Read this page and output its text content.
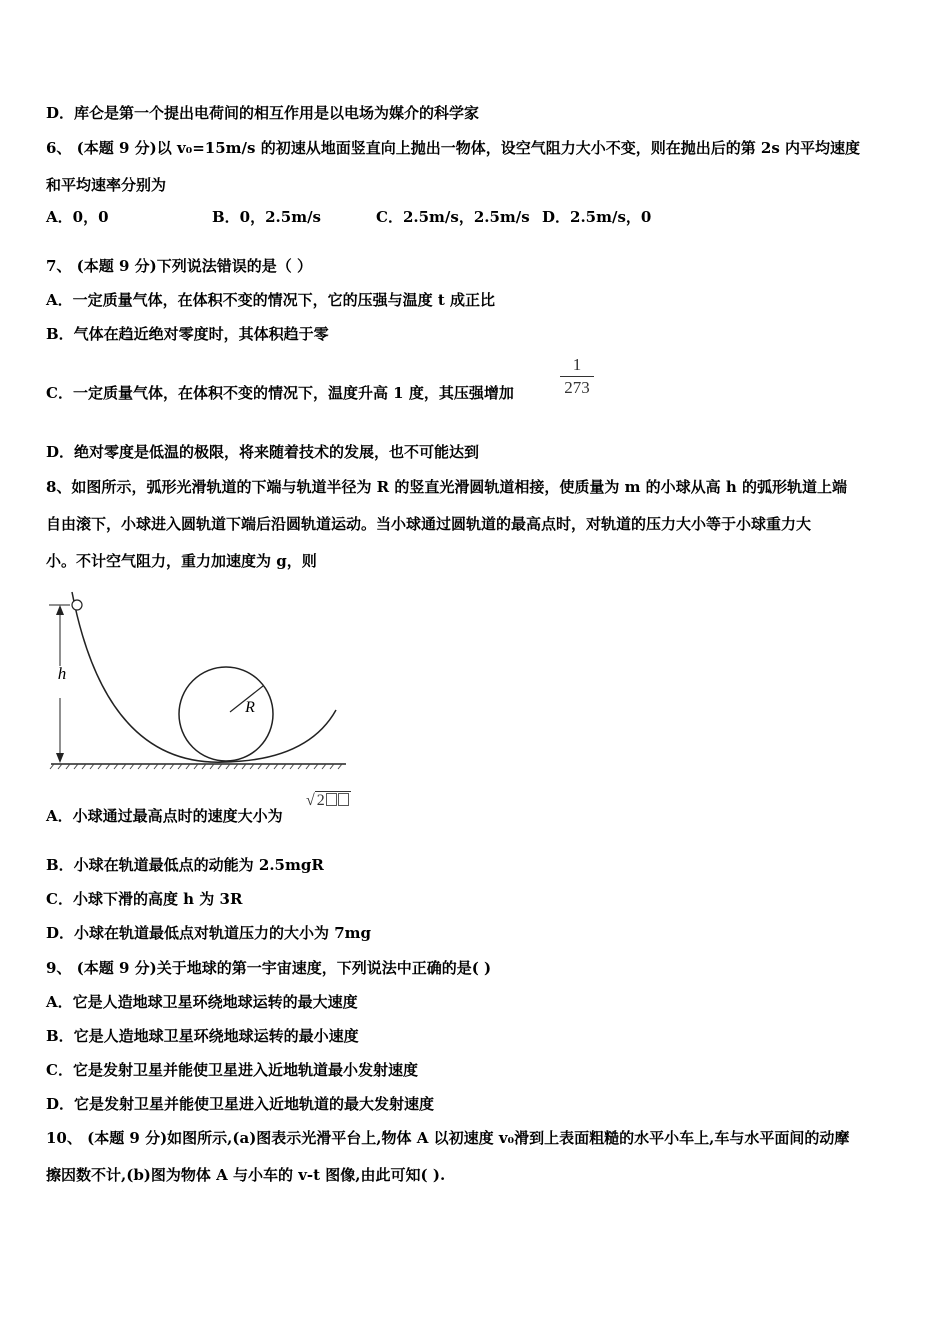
D．库仑是第一个提出电荷间的相互作用是以电场为媒介的科学家
6、 (本题 9 分)以 v₀=15m/s 的初速从地面竖直向上抛出一物体，设空气阻力大小不变，则在抛出后的第 2s 内平均速度
和平均速率分别为
A．0，0	B．0，2.5m/s	C．2.5m/s，2.5m/s D．2.5m/s，0
7、 (本题 9 分)下列说法错误的是（ ）
A．一定质量气体，在体积不变的情况下，它的压强与温度 t 成正比
B．气体在趋近绝对零度时，其体积趋于零
C．一定质量气体，在体积不变的情况下，温度升高 1 度，其压强增加	$\frac{1}{273}$
D．绝对零度是低温的极限，将来随着技术的发展，也不可能达到
8、如图所示，弧形光滑轨道的下端与轨道半径为 R 的竖直光滑圆轨道相接，使质量为 m 的小球从高 h 的弧形轨道上端
自由滚下，小球进入圆轨道下端后沿圆轨道运动。当小球通过圆轨道的最高点时，对轨道的压力大小等于小球重力大
小。不计空气阻力，重力加速度为 g，则
h
R
A．小球通过最高点时的速度大小为
√ 2
B．小球在轨道最低点的动能为 2.5mgR
C．小球下滑的高度 h 为 3R
D．小球在轨道最低点对轨道压力的大小为 7mg
9、 (本题 9 分)关于地球的第一宇宙速度，下列说法中正确的是( )
A．它是人造地球卫星环绕地球运转的最大速度
B．它是人造地球卫星环绕地球运转的最小速度
C．它是发射卫星并能使卫星进入近地轨道最小发射速度
D．它是发射卫星并能使卫星进入近地轨道的最大发射速度
10、 (本题 9 分)如图所示,(a)图表示光滑平台上,物体 A 以初速度 v₀滑到上表面粗糙的水平小车上,车与水平面间的动摩
擦因数不计,(b)图为物体 A 与小车的 v-t 图像,由此可知( ).
